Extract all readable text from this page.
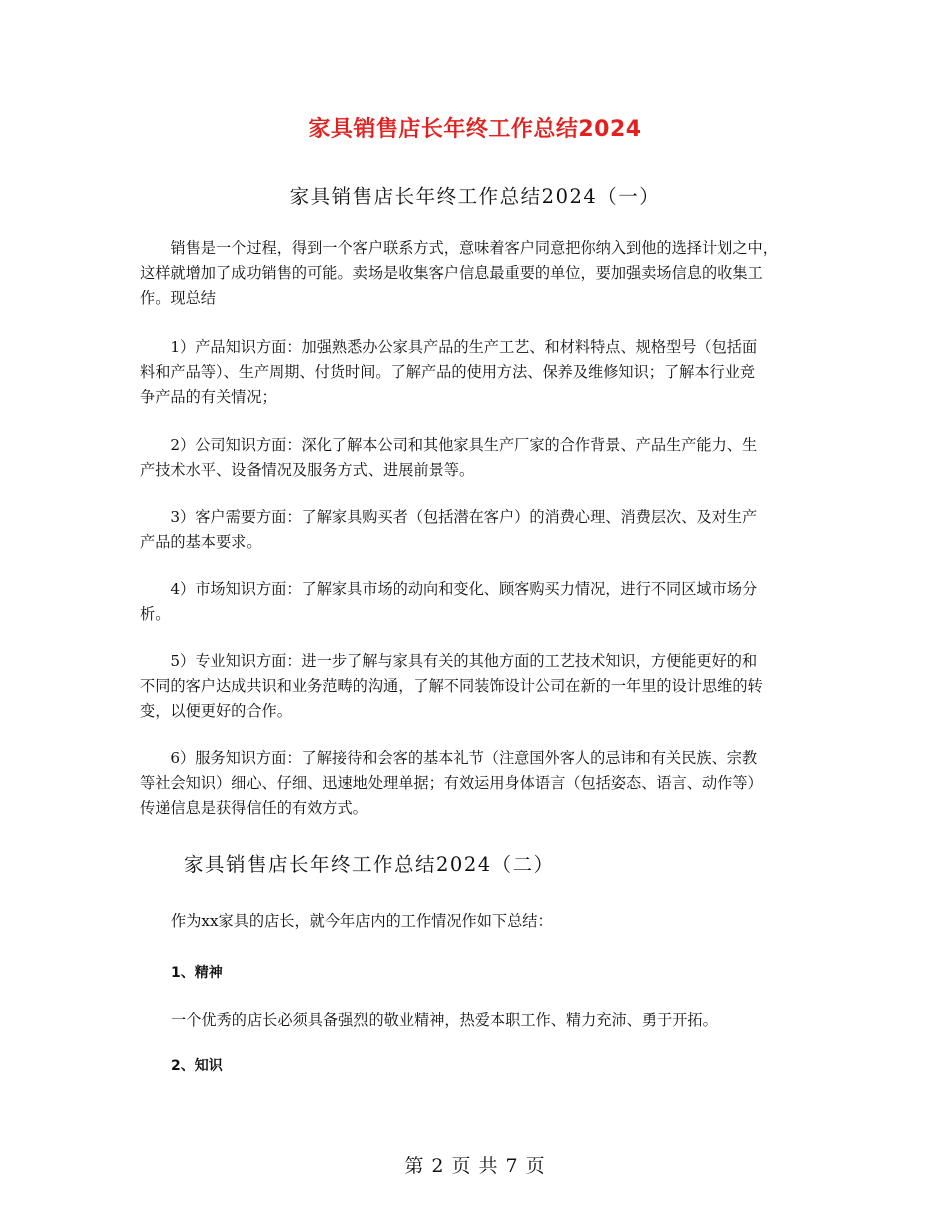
家具销售店长年终工作总结2024
家具销售店长年终工作总结2024（一）
　　销售是一个过程，得到一个客户联系方式，意味着客户同意把你纳入到他的选择计划之中，
这样就增加了成功销售的可能。卖场是收集客户信息最重要的单位，要加强卖场信息的收集工
作。现总结
　　1）产品知识方面：加强熟悉办公家具产品的生产工艺、和材料特点、规格型号（包括面
料和产品等）、生产周期、付货时间。了解产品的使用方法、保养及维修知识；了解本行业竞
争产品的有关情况；
　　2）公司知识方面：深化了解本公司和其他家具生产厂家的合作背景、产品生产能力、生
产技术水平、设备情况及服务方式、进展前景等。
　　3）客户需要方面：了解家具购买者（包括潜在客户）的消费心理、消费层次、及对生产
产品的基本要求。
　　4）市场知识方面：了解家具市场的动向和变化、顾客购买力情况，进行不同区域市场分
析。
　　5）专业知识方面：进一步了解与家具有关的其他方面的工艺技术知识，方便能更好的和
不同的客户达成共识和业务范畴的沟通，了解不同装饰设计公司在新的一年里的设计思维的转
变，以便更好的合作。
　　6）服务知识方面：了解接待和会客的基本礼节（注意国外客人的忌讳和有关民族、宗教
等社会知识）细心、仔细、迅速地处理单据；有效运用身体语言（包括姿态、语言、动作等）
传递信息是获得信任的有效方式。
家具销售店长年终工作总结2024（二）
作为xx家具的店长，就今年店内的工作情况作如下总结：
1、精神
一个优秀的店长必须具备强烈的敬业精神，热爱本职工作、精力充沛、勇于开拓。
2、知识
第 2 页 共 7 页
